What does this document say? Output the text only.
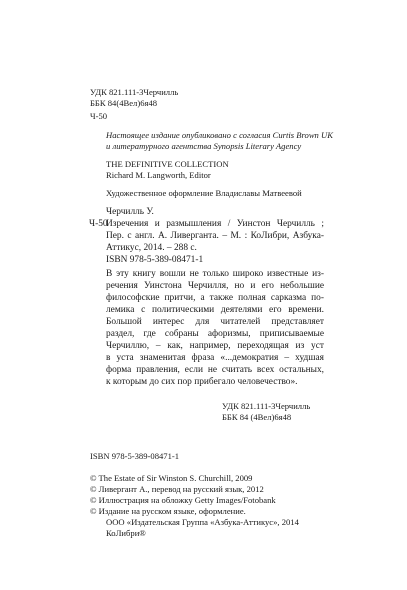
УДК 821.111-3Черчилль
ББК 84(4Вел)6я48
Ч-50
Настоящее издание опубликовано с согласия Curtis Brown UK
и литературного агентства Synopsis Literary Agency
THE DEFINITIVE COLLECTION
Richard M. Langworth, Editor
Художественное оформление Владиславы Матвеевой
Черчилль У.
Ч-50
Изречения и размышления / Уинстон Черчилль ;
Пер. с англ. А. Ливерганта. – М. : КоЛибри, Азбука-
Аттикус, 2014. – 288 с.
ISBN 978-5-389-08471-1
В эту книгу вошли не только широко известные из-
речения Уинстона Черчилля, но и его небольшие
философские притчи, а также полная сарказма по-
лемика с политическими деятелями его времени.
Большой интерес для читателей представляет
раздел, где собраны афоризмы, приписываемые
Черчиллю, – как, например, переходящая из уст
в уста знаменитая фраза «...демократия – худшая
форма правления, если не считать всех остальных,
к которым до сих пор прибегало человечество».
УДК 821.111-3Черчилль
ББК 84 (4Вел)6я48
ISBN 978-5-389-08471-1
© The Estate of Sir Winston S. Churchill, 2009
© Ливергант А., перевод на русский язык, 2012
© Иллюстрация на обложку Getty Images/Fotobank
© Издание на русском языке, оформление.
ООО «Издательская Группа «Азбука-Аттикус», 2014
КоЛибри®
